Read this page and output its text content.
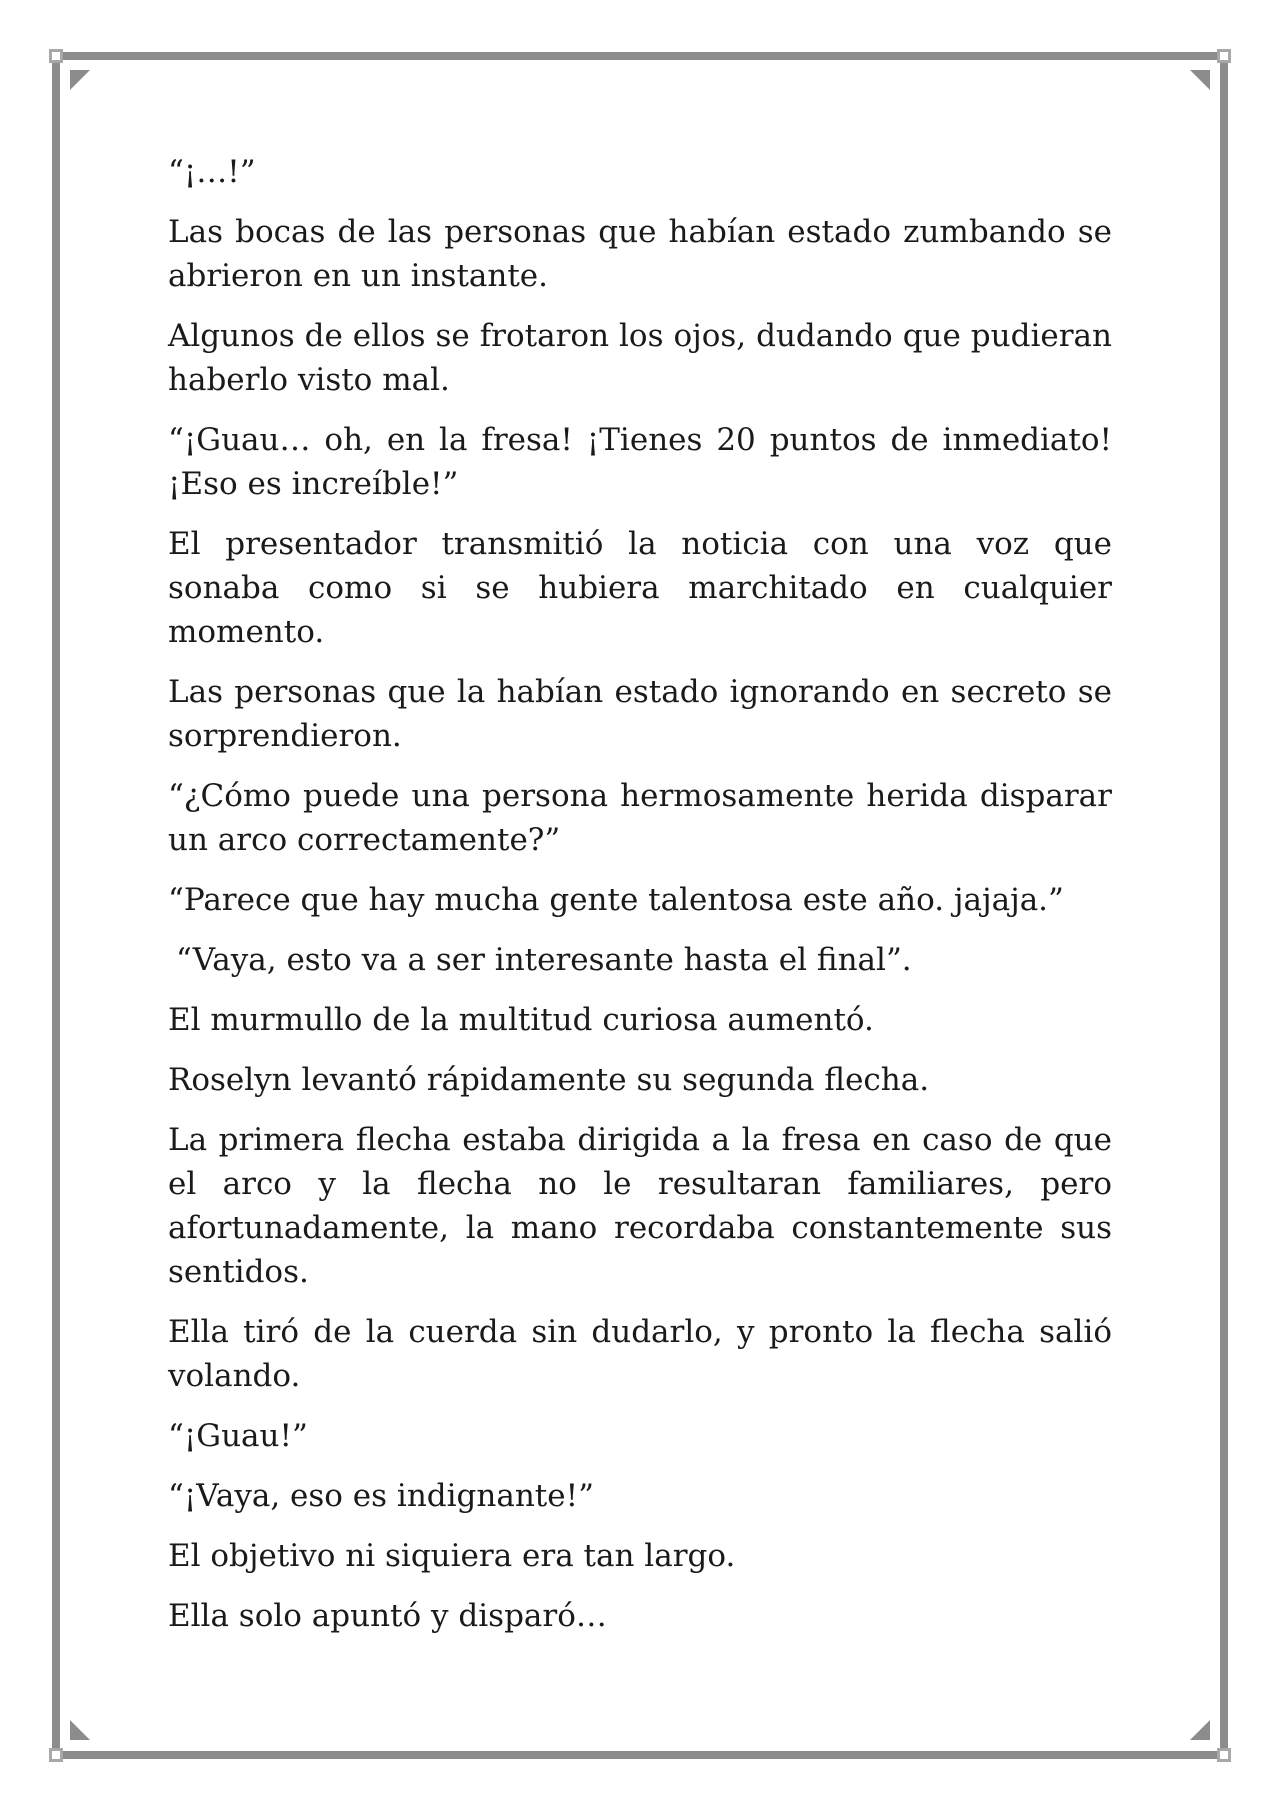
“¡…!”

Las bocas de las personas que habían estado zumbando se abrieron en un instante.

Algunos de ellos se frotaron los ojos, dudando que pudieran haberlo visto mal.

“¡Guau… oh, en la fresa! ¡Tienes 20 puntos de inmediato! ¡Eso es increíble!”

El presentador transmitió la noticia con una voz que sonaba como si se hubiera marchitado en cualquier momento.

Las personas que la habían estado ignorando en secreto se sorprendieron.

“¿Cómo puede una persona hermosamente herida disparar un arco correctamente?”

“Parece que hay mucha gente talentosa este año. jajaja.”

“Vaya, esto va a ser interesante hasta el final”.

El murmullo de la multitud curiosa aumentó.

Roselyn levantó rápidamente su segunda flecha.

La primera flecha estaba dirigida a la fresa en caso de que el arco y la flecha no le resultaran familiares, pero afortunadamente, la mano recordaba constantemente sus sentidos.

Ella tiró de la cuerda sin dudarlo, y pronto la flecha salió volando.

“¡Guau!”

“¡Vaya, eso es indignante!”

El objetivo ni siquiera era tan largo.

Ella solo apuntó y disparó…
